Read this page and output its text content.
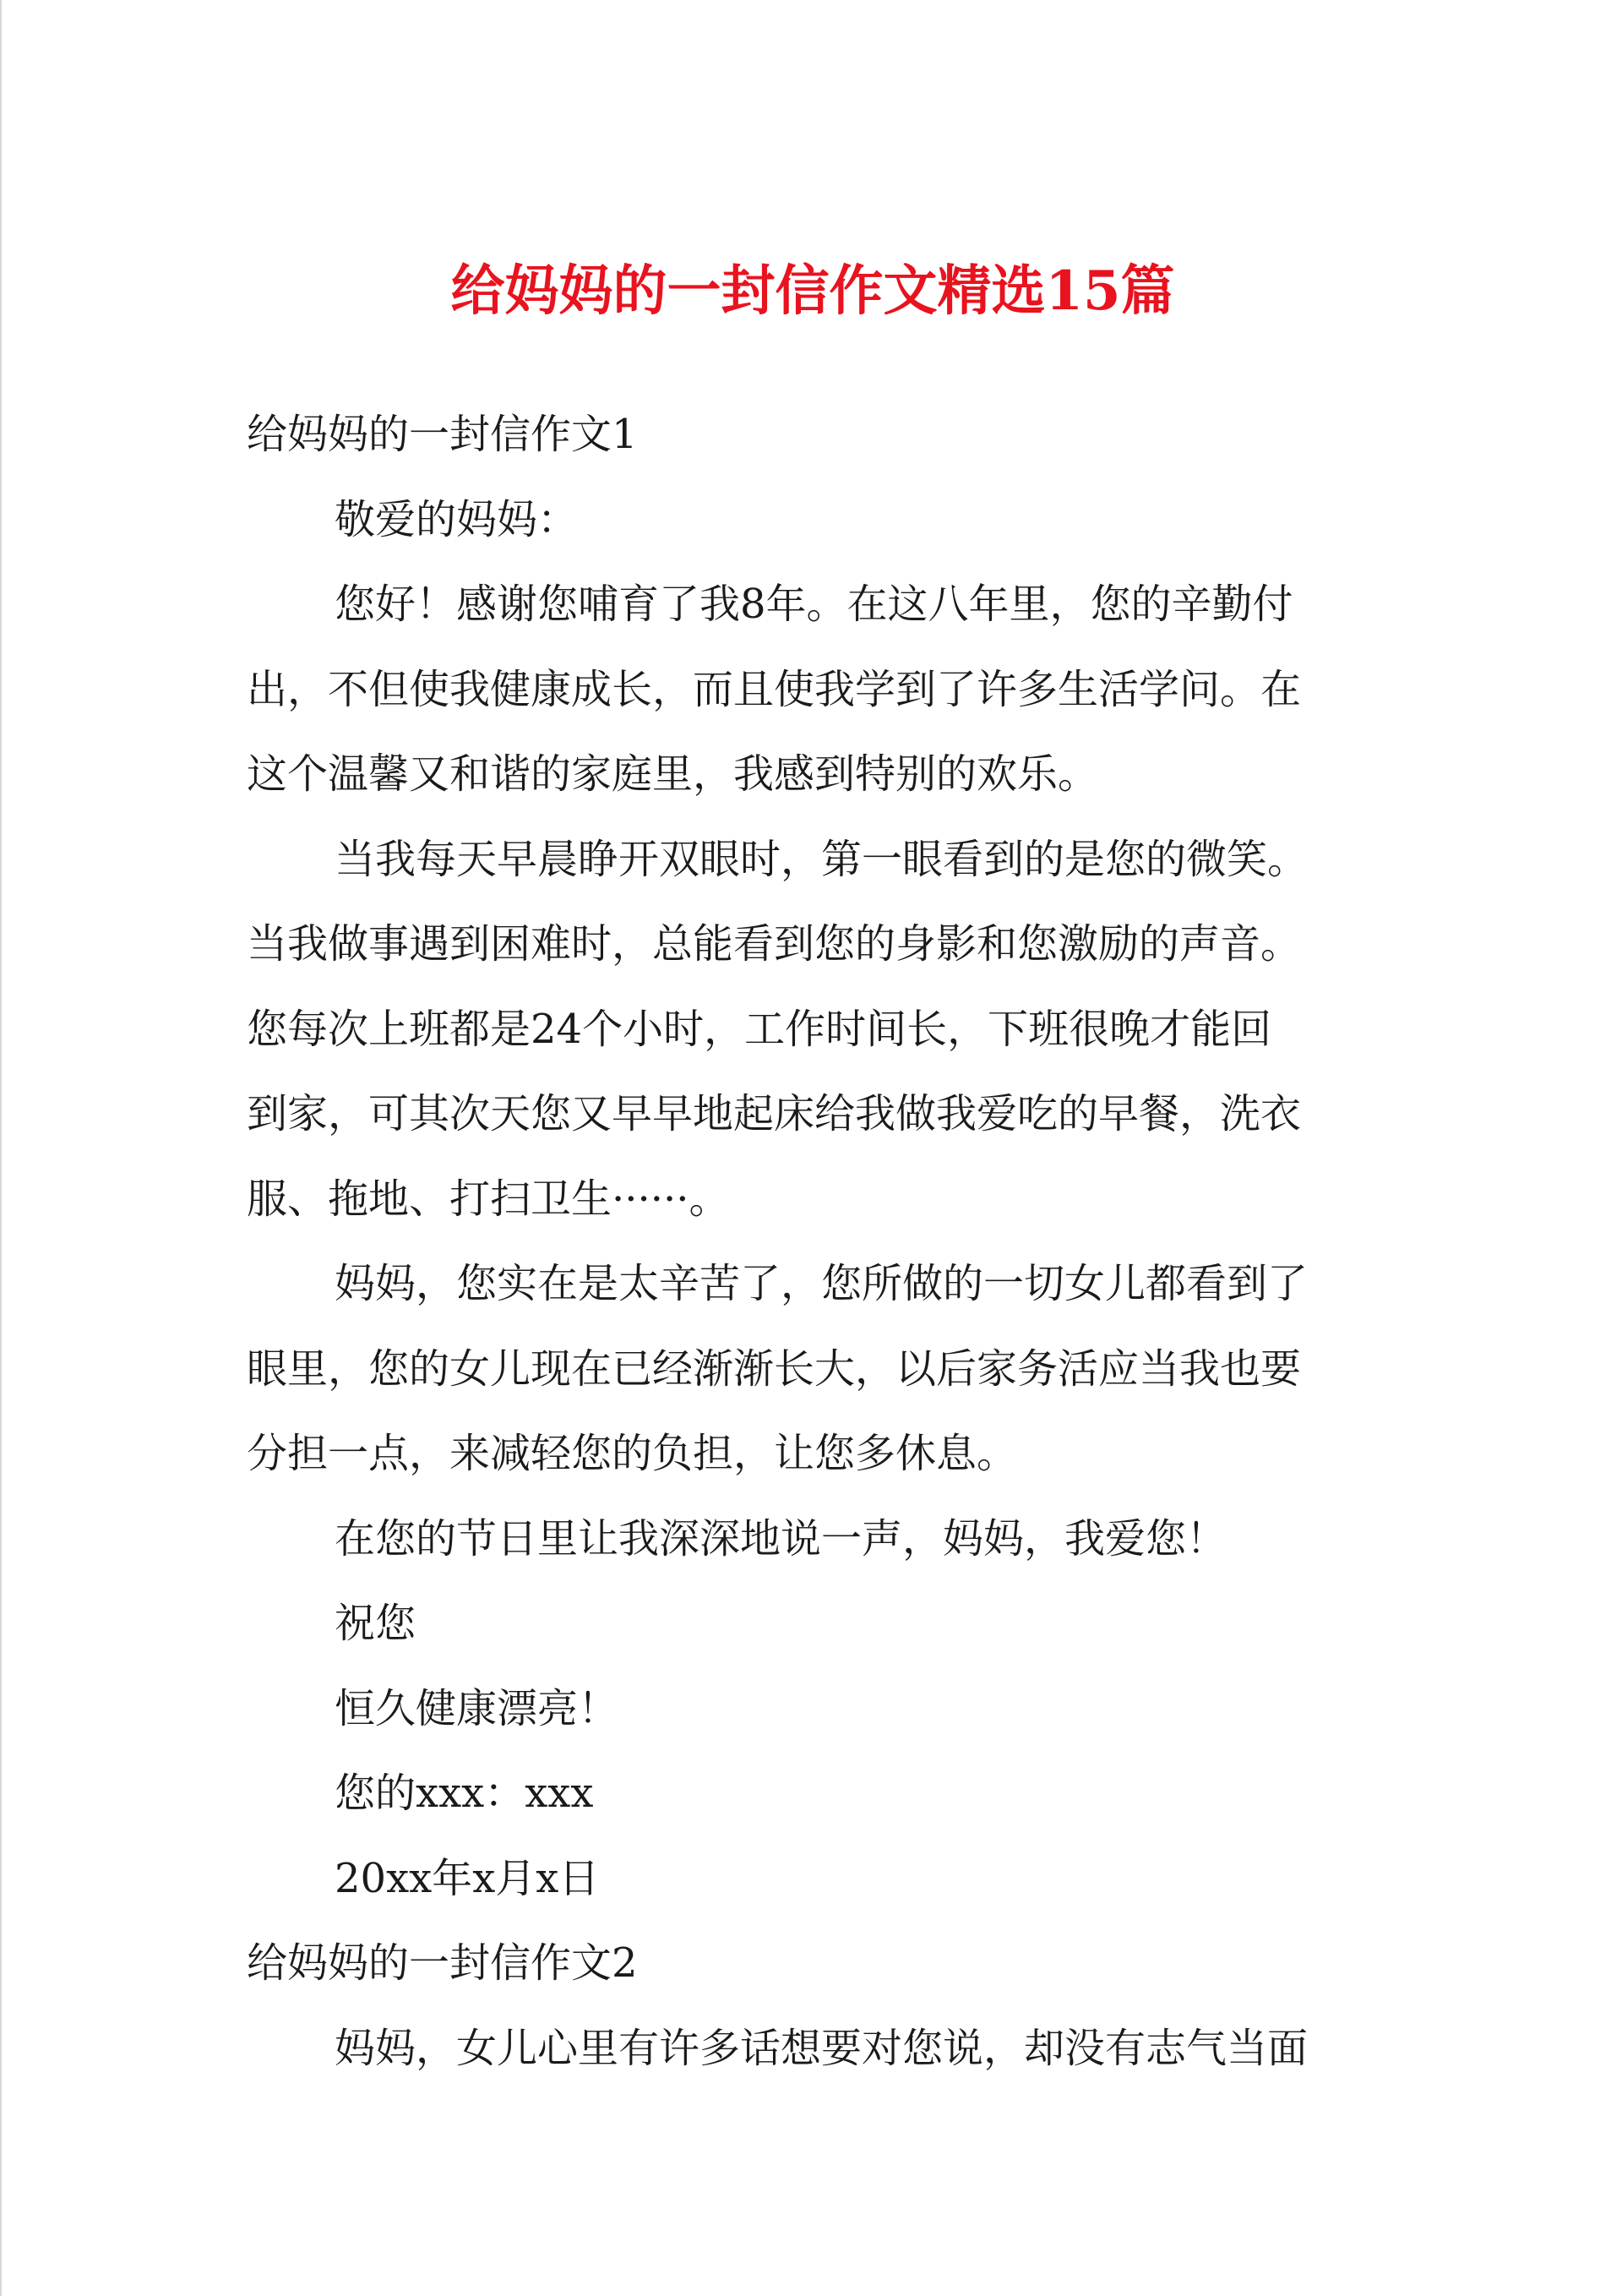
给妈妈的一封信作文精选15篇

给妈妈的一封信作文1

敬爱的妈妈：

您好！感谢您哺育了我8年。在这八年里，您的辛勤付

出，不但使我健康成长，而且使我学到了许多生活学问。在

这个温馨又和谐的家庭里，我感到特别的欢乐。

当我每天早晨睁开双眼时，第一眼看到的是您的微笑。

当我做事遇到困难时，总能看到您的身影和您激励的声音。

您每次上班都是24个小时，工作时间长，下班很晚才能回

到家，可其次天您又早早地起床给我做我爱吃的早餐，洗衣

服、拖地、打扫卫生······。

妈妈，您实在是太辛苦了，您所做的一切女儿都看到了

眼里，您的女儿现在已经渐渐长大，以后家务活应当我也要

分担一点，来减轻您的负担，让您多休息。

在您的节日里让我深深地说一声，妈妈，我爱您！

祝您

恒久健康漂亮！

您的xxx：xxx

20xx年x月x日

给妈妈的一封信作文2

妈妈，女儿心里有许多话想要对您说，却没有志气当面
